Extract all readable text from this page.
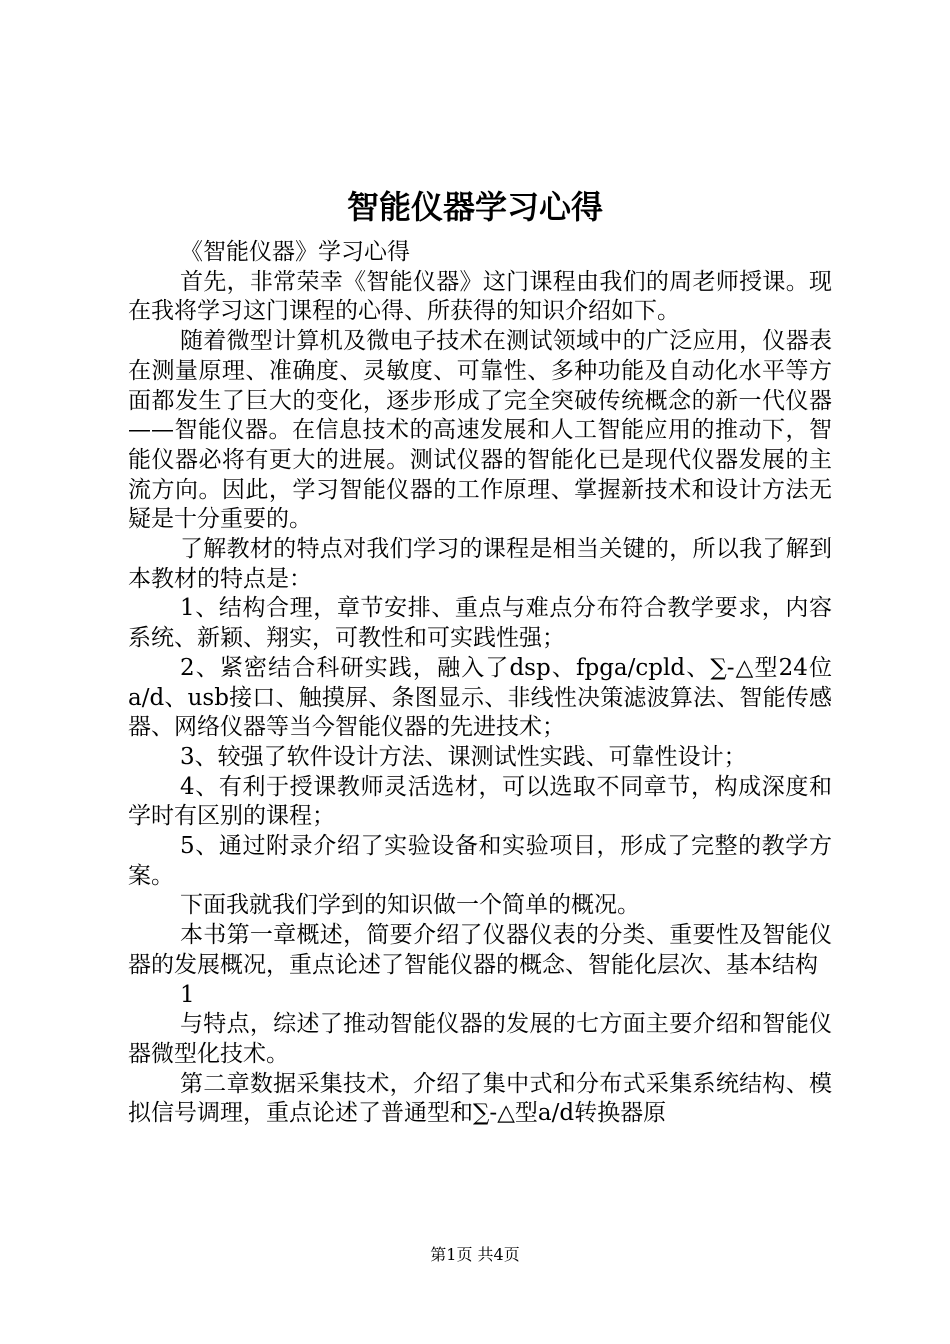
智能仪器学习心得

《智能仪器》学习心得

首先，非常荣幸《智能仪器》这门课程由我们的周老师授课。现在我将学习这门课程的心得、所获得的知识介绍如下。

随着微型计算机及微电子技术在测试领域中的广泛应用，仪器表在测量原理、准确度、灵敏度、可靠性、多种功能及自动化水平等方面都发生了巨大的变化，逐步形成了完全突破传统概念的新一代仪器——智能仪器。在信息技术的高速发展和人工智能应用的推动下，智能仪器必将有更大的进展。测试仪器的智能化已是现代仪器发展的主流方向。因此，学习智能仪器的工作原理、掌握新技术和设计方法无疑是十分重要的。

了解教材的特点对我们学习的课程是相当关键的，所以我了解到本教材的特点是：

1、结构合理，章节安排、重点与难点分布符合教学要求，内容系统、新颖、翔实，可教性和可实践性强；

2、紧密结合科研实践，融入了dsp、fpga/cpld、∑-△型24位a/d、usb接口、触摸屏、条图显示、非线性决策滤波算法、智能传感器、网络仪器等当今智能仪器的先进技术；

3、较强了软件设计方法、课测试性实践、可靠性设计；

4、有利于授课教师灵活选材，可以选取不同章节，构成深度和学时有区别的课程；

5、通过附录介绍了实验设备和实验项目，形成了完整的教学方案。

下面我就我们学到的知识做一个简单的概况。

本书第一章概述，简要介绍了仪器仪表的分类、重要性及智能仪器的发展概况，重点论述了智能仪器的概念、智能化层次、基本结构

1

与特点，综述了推动智能仪器的发展的七方面主要介绍和智能仪器微型化技术。

第二章数据采集技术，介绍了集中式和分布式采集系统结构、模拟信号调理，重点论述了普通型和∑-△型a/d转换器原

第1页 共4页
